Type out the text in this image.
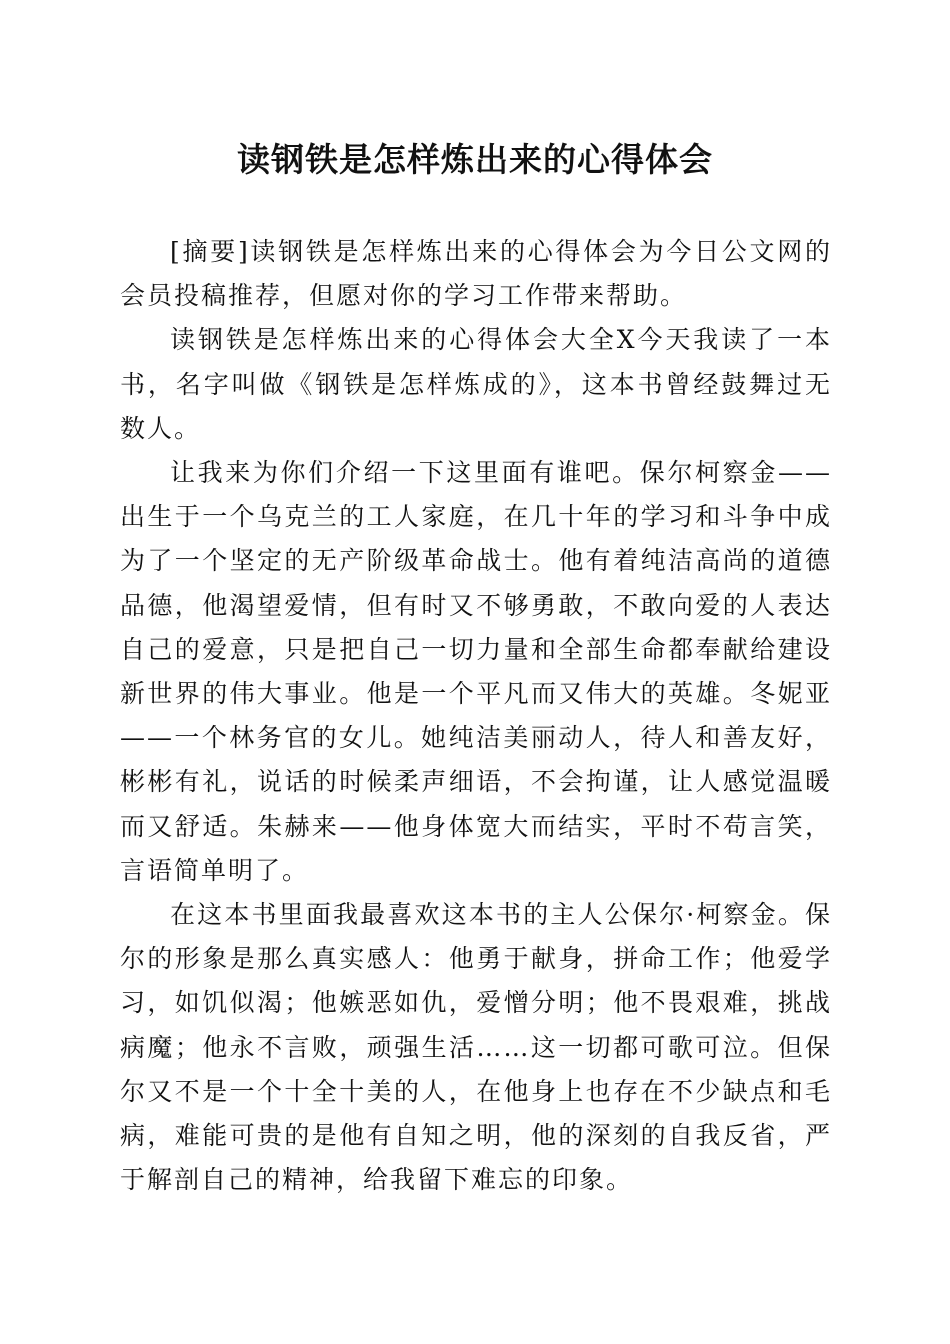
读钢铁是怎样炼出来的心得体会

[摘要]读钢铁是怎样炼出来的心得体会为今日公文网的会员投稿推荐，但愿对你的学习工作带来帮助。

读钢铁是怎样炼出来的心得体会大全X今天我读了一本书，名字叫做《钢铁是怎样炼成的》，这本书曾经鼓舞过无数人。

让我来为你们介绍一下这里面有谁吧。保尔柯察金——出生于一个乌克兰的工人家庭，在几十年的学习和斗争中成为了一个坚定的无产阶级革命战士。他有着纯洁高尚的道德品德，他渴望爱情，但有时又不够勇敢，不敢向爱的人表达自己的爱意，只是把自己一切力量和全部生命都奉献给建设新世界的伟大事业。他是一个平凡而又伟大的英雄。冬妮亚——一个林务官的女儿。她纯洁美丽动人，待人和善友好，彬彬有礼，说话的时候柔声细语，不会拘谨，让人感觉温暖而又舒适。朱赫来——他身体宽大而结实，平时不苟言笑，言语简单明了。

在这本书里面我最喜欢这本书的主人公保尔·柯察金。保尔的形象是那么真实感人：他勇于献身，拼命工作；他爱学习，如饥似渴；他嫉恶如仇，爱憎分明；他不畏艰难，挑战病魔；他永不言败，顽强生活……这一切都可歌可泣。但保尔又不是一个十全十美的人，在他身上也存在不少缺点和毛病，难能可贵的是他有自知之明，他的深刻的自我反省，严于解剖自己的精神，给我留下难忘的印象。
